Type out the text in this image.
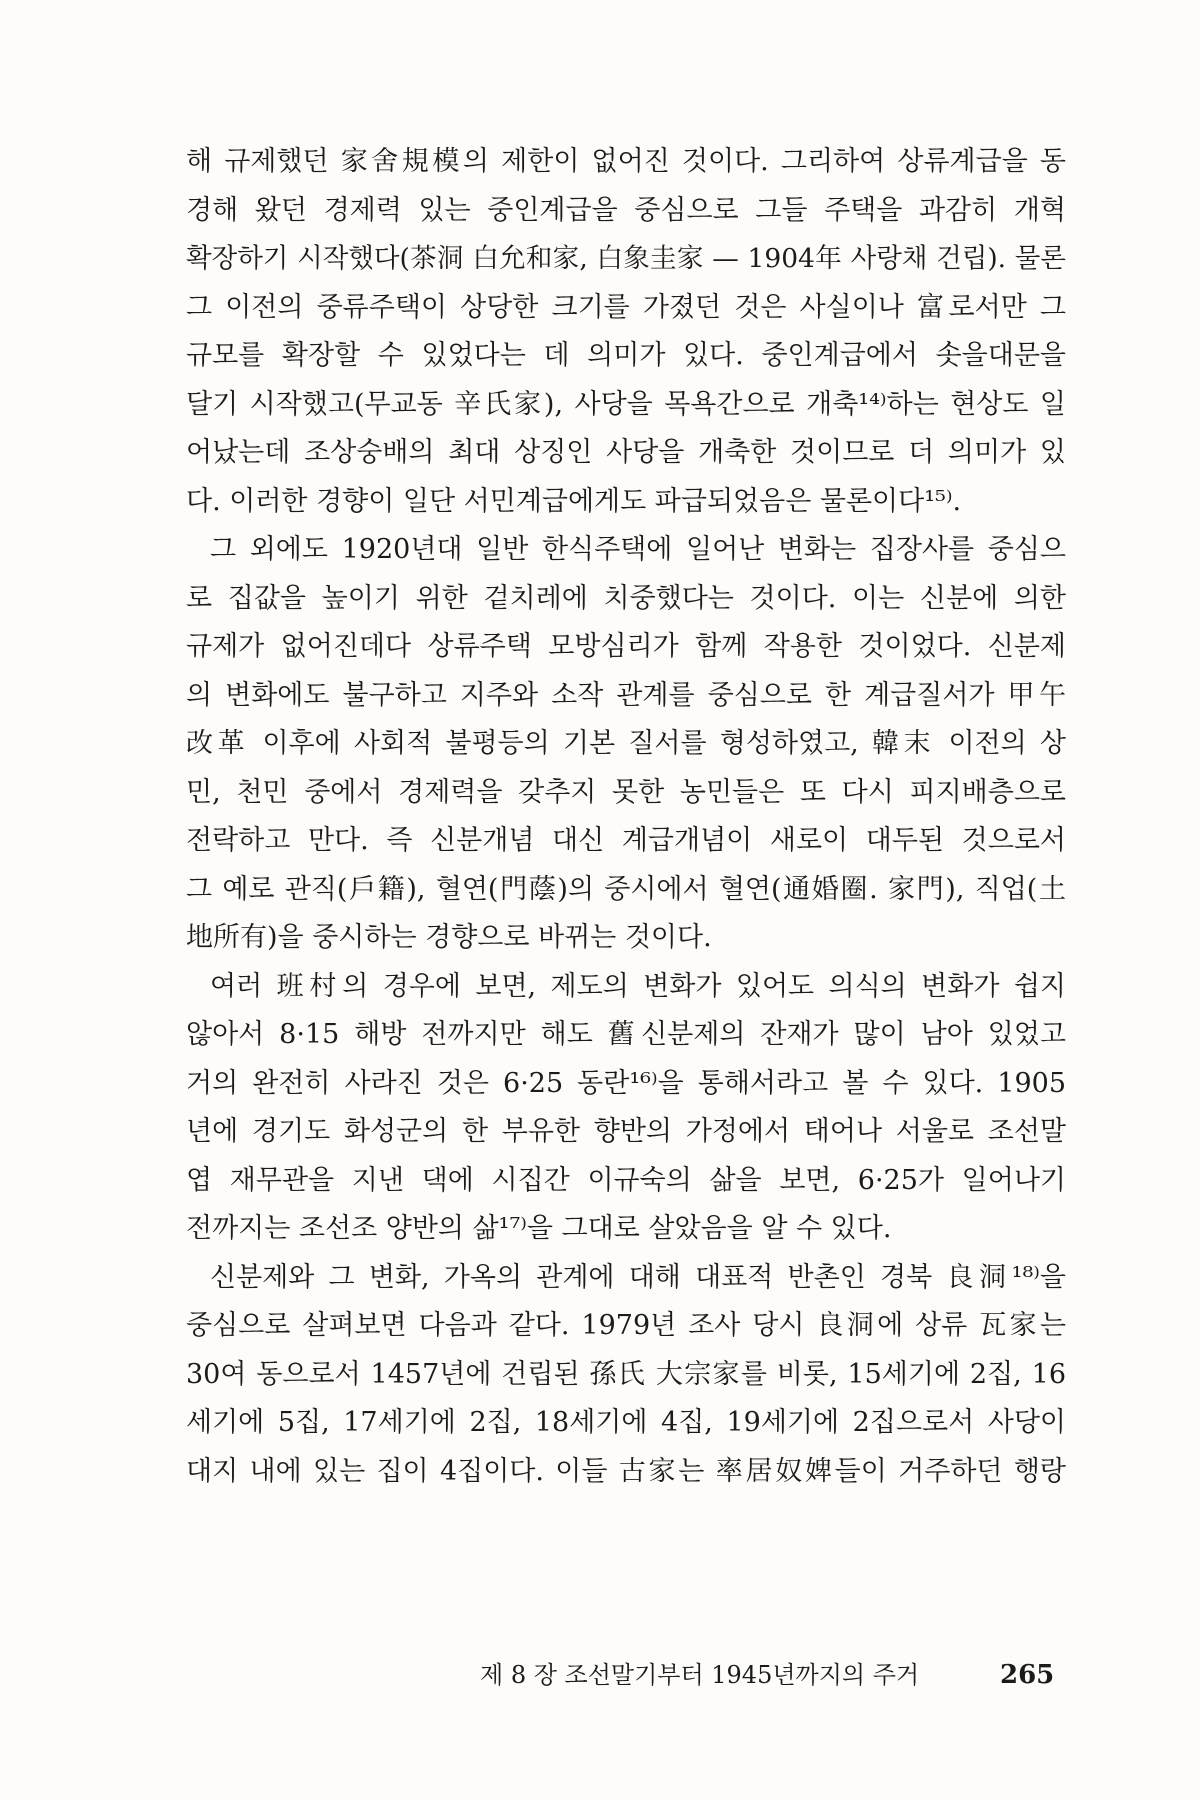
해 규제했던 家舍規模의 제한이 없어진 것이다. 그리하여 상류계급을 동
경해 왔던 경제력 있는 중인계급을 중심으로 그들 주택을 과감히 개혁
확장하기 시작했다(茶洞 白允和家, 白象圭家 — 1904年 사랑채 건립). 물론
그 이전의 중류주택이 상당한 크기를 가졌던 것은 사실이나 富로서만 그
규모를 확장할 수 있었다는 데 의미가 있다. 중인계급에서 솟을대문을
달기 시작했고(무교동 辛氏家), 사당을 목욕간으로 개축¹⁴⁾하는 현상도 일
어났는데 조상숭배의 최대 상징인 사당을 개축한 것이므로 더 의미가 있
다. 이러한 경향이 일단 서민계급에게도 파급되었음은 물론이다¹⁵⁾.
그 외에도 1920년대 일반 한식주택에 일어난 변화는 집장사를 중심으
로 집값을 높이기 위한 겉치레에 치중했다는 것이다. 이는 신분에 의한
규제가 없어진데다 상류주택 모방심리가 함께 작용한 것이었다. 신분제
의 변화에도 불구하고 지주와 소작 관계를 중심으로 한 계급질서가 甲午
改革 이후에 사회적 불평등의 기본 질서를 형성하였고, 韓末 이전의 상
민, 천민 중에서 경제력을 갖추지 못한 농민들은 또 다시 피지배층으로
전락하고 만다. 즉 신분개념 대신 계급개념이 새로이 대두된 것으로서
그 예로 관직(戶籍), 혈연(門蔭)의 중시에서 혈연(通婚圈. 家門), 직업(土
地所有)을 중시하는 경향으로 바뀌는 것이다.
여러 班村의 경우에 보면, 제도의 변화가 있어도 의식의 변화가 쉽지
않아서 8·15 해방 전까지만 해도 舊신분제의 잔재가 많이 남아 있었고
거의 완전히 사라진 것은 6·25 동란¹⁶⁾을 통해서라고 볼 수 있다. 1905
년에 경기도 화성군의 한 부유한 향반의 가정에서 태어나 서울로 조선말
엽 재무관을 지낸 댁에 시집간 이규숙의 삶을 보면, 6·25가 일어나기
전까지는 조선조 양반의 삶¹⁷⁾을 그대로 살았음을 알 수 있다.
신분제와 그 변화, 가옥의 관계에 대해 대표적 반촌인 경북 良洞¹⁸⁾을
중심으로 살펴보면 다음과 같다. 1979년 조사 당시 良洞에 상류 瓦家는
30여 동으로서 1457년에 건립된 孫氏 大宗家를 비롯, 15세기에 2집, 16
세기에 5집, 17세기에 2집, 18세기에 4집, 19세기에 2집으로서 사당이
대지 내에 있는 집이 4집이다. 이들 古家는 率居奴婢들이 거주하던 행랑
제 8 장 조선말기부터 1945년까지의 주거	265
